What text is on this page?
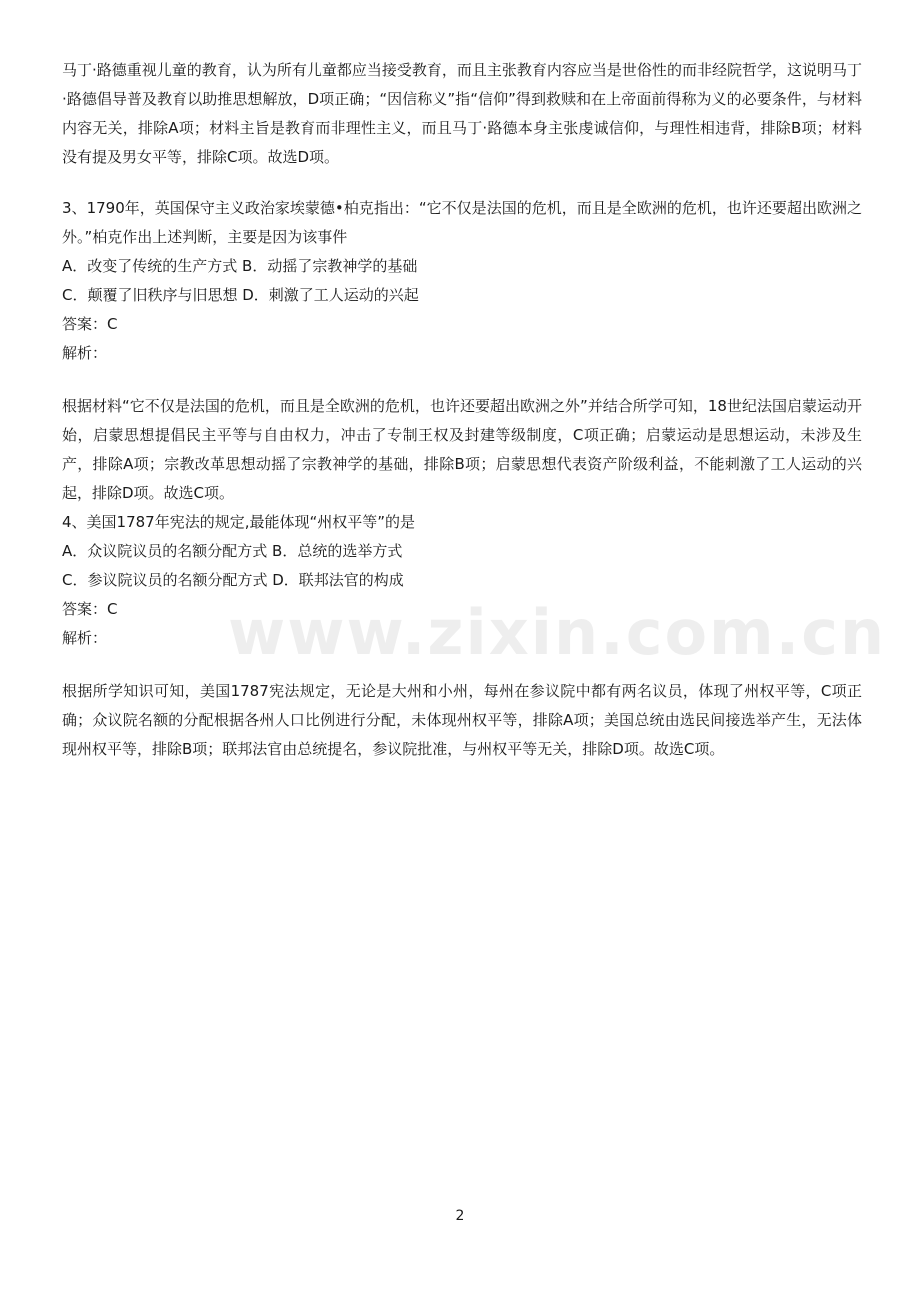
马丁·路德重视儿童的教育，认为所有儿童都应当接受教育，而且主张教育内容应当是世俗性的而非经院哲学，这说明马丁·路德倡导普及教育以助推思想解放，D项正确；“因信称义”指“信仰”得到救赎和在上帝面前得称为义的必要条件，与材料内容无关，排除A项；材料主旨是教育而非理性主义，而且马丁·路德本身主张虔诚信仰，与理性相违背，排除B项；材料没有提及男女平等，排除C项。故选D项。

3、1790年，英国保守主义政治家埃蒙德•柏克指出：“它不仅是法国的危机，而且是全欧洲的危机，也许还要超出欧洲之外。”柏克作出上述判断，主要是因为该事件

A．改变了传统的生产方式 B．动摇了宗教神学的基础

C．颠覆了旧秩序与旧思想 D．刺激了工人运动的兴起

答案：C

解析：

根据材料“它不仅是法国的危机，而且是全欧洲的危机，也许还要超出欧洲之外”并结合所学可知，18世纪法国启蒙运动开始，启蒙思想提倡民主平等与自由权力，冲击了专制王权及封建等级制度，C项正确；启蒙运动是思想运动，未涉及生产，排除A项；宗教改革思想动摇了宗教神学的基础，排除B项；启蒙思想代表资产阶级利益，不能刺激了工人运动的兴起，排除D项。故选C项。

4、美国1787年宪法的规定,最能体现“州权平等”的是

A．众议院议员的名额分配方式 B．总统的选举方式

C．参议院议员的名额分配方式 D．联邦法官的构成

答案：C

解析：

根据所学知识可知，美国1787宪法规定，无论是大州和小州，每州在参议院中都有两名议员，体现了州权平等，C项正确；众议院名额的分配根据各州人口比例进行分配，未体现州权平等，排除A项；美国总统由选民间接选举产生，无法体现州权平等，排除B项；联邦法官由总统提名，参议院批准，与州权平等无关，排除D项。故选C项。

www.zixin.com.cn
2
